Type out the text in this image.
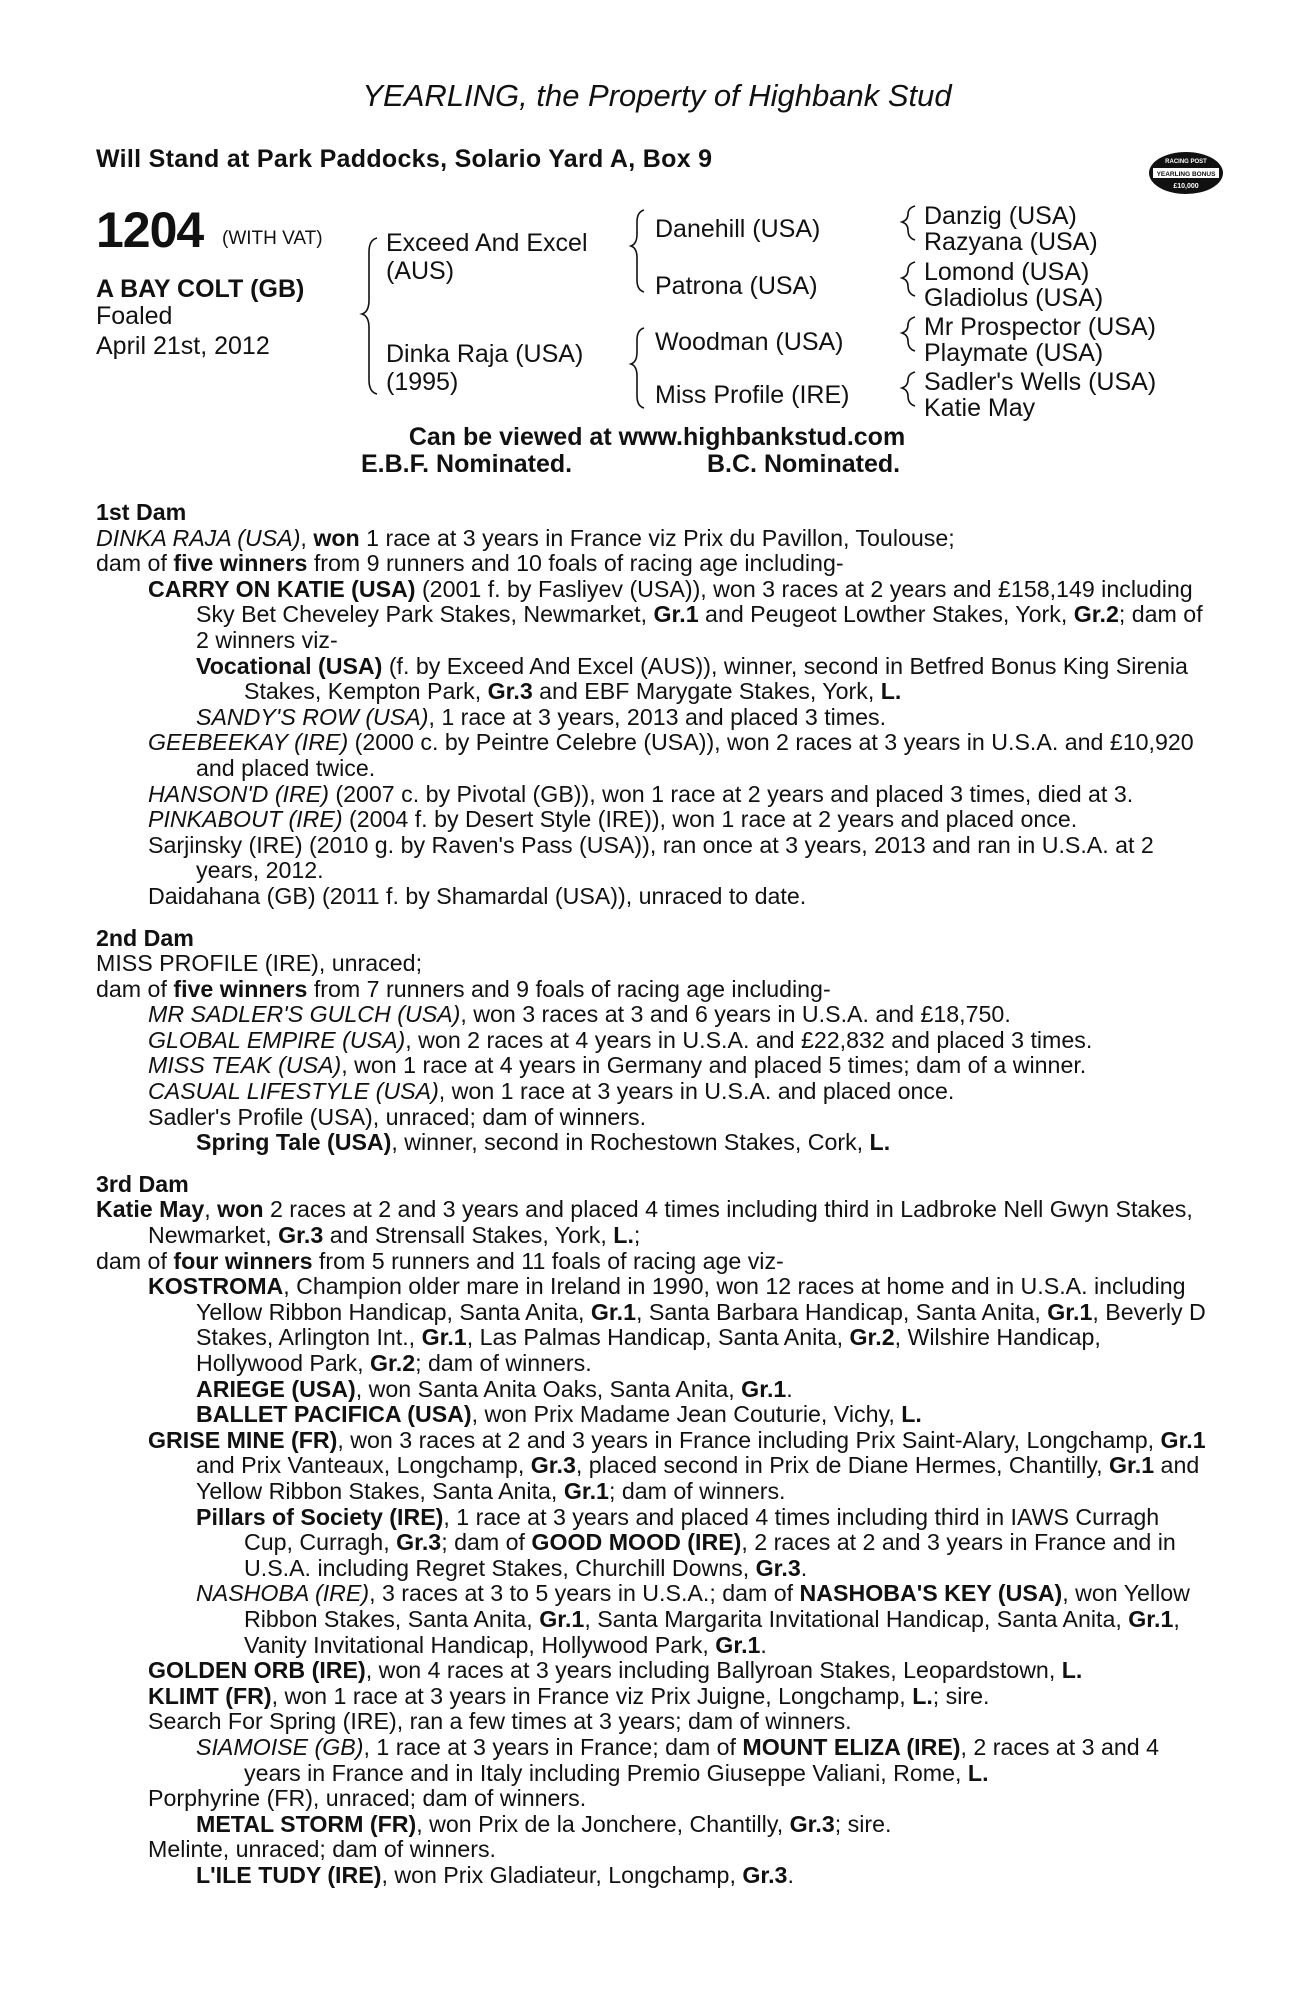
YEARLING, the Property of Highbank Stud
Will Stand at Park Paddocks, Solario Yard A, Box 9	RACING POST
YEARLING BONUS
£10,000
1204 (WITH VAT)
A BAY COLT (GB)
Foaled
April 21st, 2012
Exceed And Excel
(AUS)
Dinka Raja (USA)
(1995)
Danehill (USA)
Patrona (USA)
Woodman (USA)
Miss Profile (IRE)
Danzig (USA)
Razyana (USA)
Lomond (USA)
Gladiolus (USA)
Mr Prospector (USA)
Playmate (USA)
Sadler's Wells (USA)
Katie May
Can be viewed at www.highbankstud.com
E.B.F. Nominated.	B.C. Nominated.

1st Dam

DINKA RAJA (USA), won 1 race at 3 years in France viz Prix du Pavillon, Toulouse;

dam of five winners from 9 runners and 10 foals of racing age including-

CARRY ON KATIE (USA) (2001 f. by Fasliyev (USA)), won 3 races at 2 years and £158,149 including Sky Bet Cheveley Park Stakes, Newmarket, Gr.1 and Peugeot Lowther Stakes, York, Gr.2; dam of 2 winners viz-

Vocational (USA) (f. by Exceed And Excel (AUS)), winner, second in Betfred Bonus King Sirenia Stakes, Kempton Park, Gr.3 and EBF Marygate Stakes, York, L.

SANDY'S ROW (USA), 1 race at 3 years, 2013 and placed 3 times.

GEEBEEKAY (IRE) (2000 c. by Peintre Celebre (USA)), won 2 races at 3 years in U.S.A. and £10,920 and placed twice.

HANSON'D (IRE) (2007 c. by Pivotal (GB)), won 1 race at 2 years and placed 3 times, died at 3.

PINKABOUT (IRE) (2004 f. by Desert Style (IRE)), won 1 race at 2 years and placed once.

Sarjinsky (IRE) (2010 g. by Raven's Pass (USA)), ran once at 3 years, 2013 and ran in U.S.A. at 2 years, 2012.

Daidahana (GB) (2011 f. by Shamardal (USA)), unraced to date.

2nd Dam

MISS PROFILE (IRE), unraced;

dam of five winners from 7 runners and 9 foals of racing age including-

MR SADLER'S GULCH (USA), won 3 races at 3 and 6 years in U.S.A. and £18,750.

GLOBAL EMPIRE (USA), won 2 races at 4 years in U.S.A. and £22,832 and placed 3 times.

MISS TEAK (USA), won 1 race at 4 years in Germany and placed 5 times; dam of a winner.

CASUAL LIFESTYLE (USA), won 1 race at 3 years in U.S.A. and placed once.

Sadler's Profile (USA), unraced; dam of winners.

Spring Tale (USA), winner, second in Rochestown Stakes, Cork, L.

3rd Dam

Katie May, won 2 races at 2 and 3 years and placed 4 times including third in Ladbroke Nell Gwyn Stakes, Newmarket, Gr.3 and Strensall Stakes, York, L.;

dam of four winners from 5 runners and 11 foals of racing age viz-

KOSTROMA, Champion older mare in Ireland in 1990, won 12 races at home and in U.S.A. including Yellow Ribbon Handicap, Santa Anita, Gr.1, Santa Barbara Handicap, Santa Anita, Gr.1, Beverly D Stakes, Arlington Int., Gr.1, Las Palmas Handicap, Santa Anita, Gr.2, Wilshire Handicap, Hollywood Park, Gr.2; dam of winners.

ARIEGE (USA), won Santa Anita Oaks, Santa Anita, Gr.1.

BALLET PACIFICA (USA), won Prix Madame Jean Couturie, Vichy, L.

GRISE MINE (FR), won 3 races at 2 and 3 years in France including Prix Saint-Alary, Longchamp, Gr.1 and Prix Vanteaux, Longchamp, Gr.3, placed second in Prix de Diane Hermes, Chantilly, Gr.1 and Yellow Ribbon Stakes, Santa Anita, Gr.1; dam of winners.

Pillars of Society (IRE), 1 race at 3 years and placed 4 times including third in IAWS Curragh Cup, Curragh, Gr.3; dam of GOOD MOOD (IRE), 2 races at 2 and 3 years in France and in U.S.A. including Regret Stakes, Churchill Downs, Gr.3.

NASHOBA (IRE), 3 races at 3 to 5 years in U.S.A.; dam of NASHOBA'S KEY (USA), won Yellow Ribbon Stakes, Santa Anita, Gr.1, Santa Margarita Invitational Handicap, Santa Anita, Gr.1, Vanity Invitational Handicap, Hollywood Park, Gr.1.

GOLDEN ORB (IRE), won 4 races at 3 years including Ballyroan Stakes, Leopardstown, L.

KLIMT (FR), won 1 race at 3 years in France viz Prix Juigne, Longchamp, L.; sire.

Search For Spring (IRE), ran a few times at 3 years; dam of winners.

SIAMOISE (GB), 1 race at 3 years in France; dam of MOUNT ELIZA (IRE), 2 races at 3 and 4 years in France and in Italy including Premio Giuseppe Valiani, Rome, L.

Porphyrine (FR), unraced; dam of winners.

METAL STORM (FR), won Prix de la Jonchere, Chantilly, Gr.3; sire.

Melinte, unraced; dam of winners.

L'ILE TUDY (IRE), won Prix Gladiateur, Longchamp, Gr.3.
